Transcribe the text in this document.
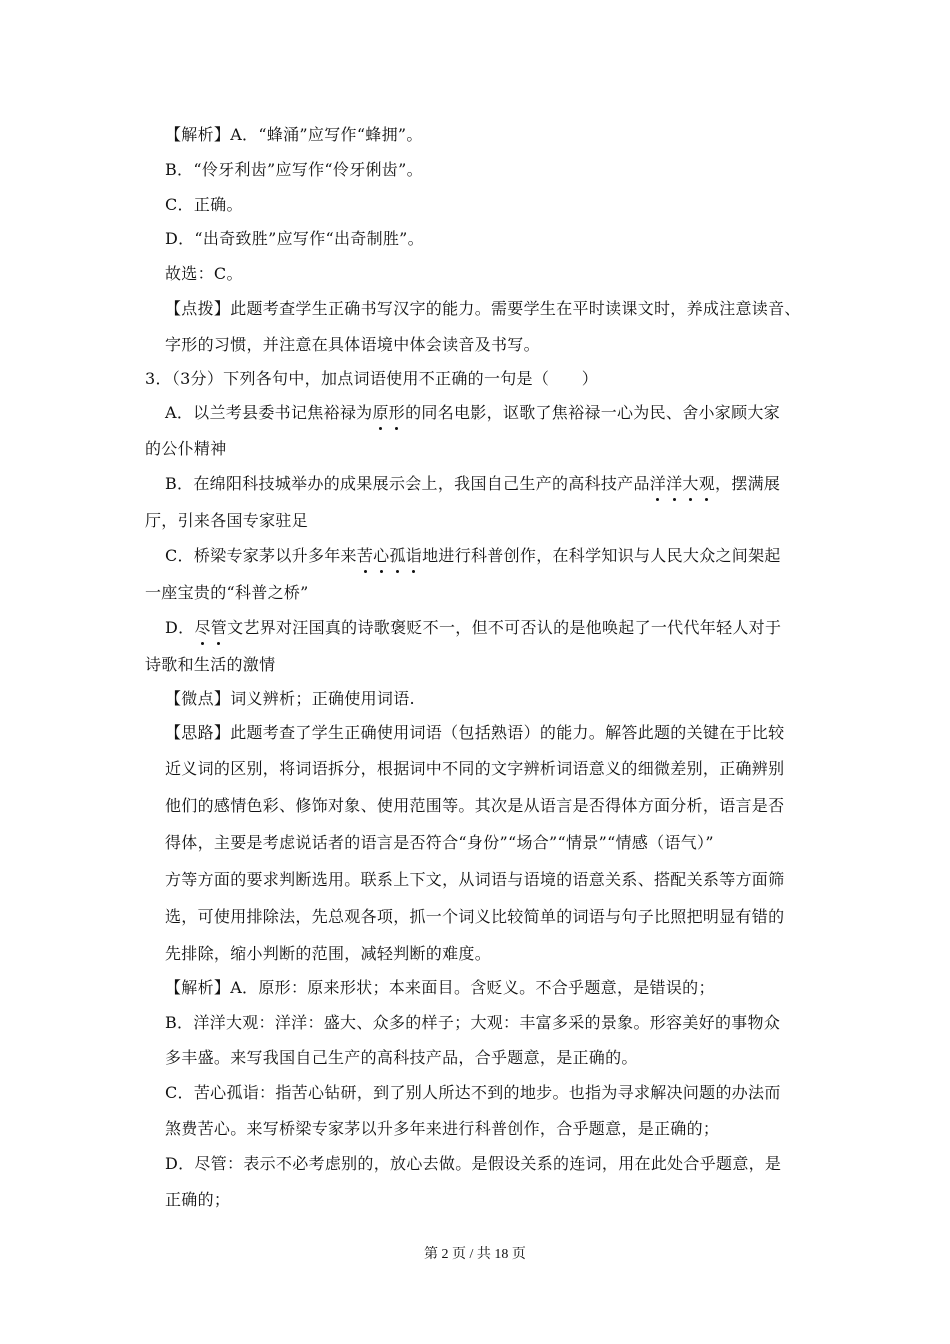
【解析】A．“蜂涌”应写作“蜂拥”。
B．“伶牙利齿”应写作“伶牙俐齿”。
C．正确。
D．“出奇致胜”应写作“出奇制胜”。
故选：C。
【点拨】此题考查学生正确书写汉字的能力。需要学生在平时读课文时，养成注意读音、
字形的习惯，并注意在具体语境中体会读音及书写。
3．（3分）下列各句中，加点词语使用不正确的一句是（　　）
A．以兰考县委书记焦裕禄为原形的同名电影，讴歌了焦裕禄一心为民、舍小家顾大家
的公仆精神
B．在绵阳科技城举办的成果展示会上，我国自己生产的高科技产品洋洋大观，摆满展
厅，引来各国专家驻足
C．桥梁专家茅以升多年来苦心孤诣地进行科普创作，在科学知识与人民大众之间架起
一座宝贵的“科普之桥”
D．尽管文艺界对汪国真的诗歌褒贬不一，但不可否认的是他唤起了一代代年轻人对于
诗歌和生活的激情
【微点】词义辨析；正确使用词语.
【思路】此题考查了学生正确使用词语（包括熟语）的能力。解答此题的关键在于比较
近义词的区别，将词语拆分，根据词中不同的文字辨析词语意义的细微差别，正确辨别
他们的感情色彩、修饰对象、使用范围等。其次是从语言是否得体方面分析，语言是否
得体，主要是考虑说话者的语言是否符合“身份”“场合”“情景”“情感（语气）”
方等方面的要求判断选用。联系上下文，从词语与语境的语意关系、搭配关系等方面筛
选，可使用排除法，先总观各项，抓一个词义比较简单的词语与句子比照把明显有错的
先排除，缩小判断的范围，减轻判断的难度。
【解析】A．原形：原来形状；本来面目。含贬义。不合乎题意，是错误的；
B．洋洋大观：洋洋：盛大、众多的样子；大观：丰富多采的景象。形容美好的事物众
多丰盛。来写我国自己生产的高科技产品，合乎题意，是正确的。
C．苦心孤诣：指苦心钻研，到了别人所达不到的地步。也指为寻求解决问题的办法而
煞费苦心。来写桥梁专家茅以升多年来进行科普创作，合乎题意，是正确的；
D．尽管：表示不必考虑别的，放心去做。是假设关系的连词，用在此处合乎题意，是
正确的；
第 2 页 / 共 18 页
